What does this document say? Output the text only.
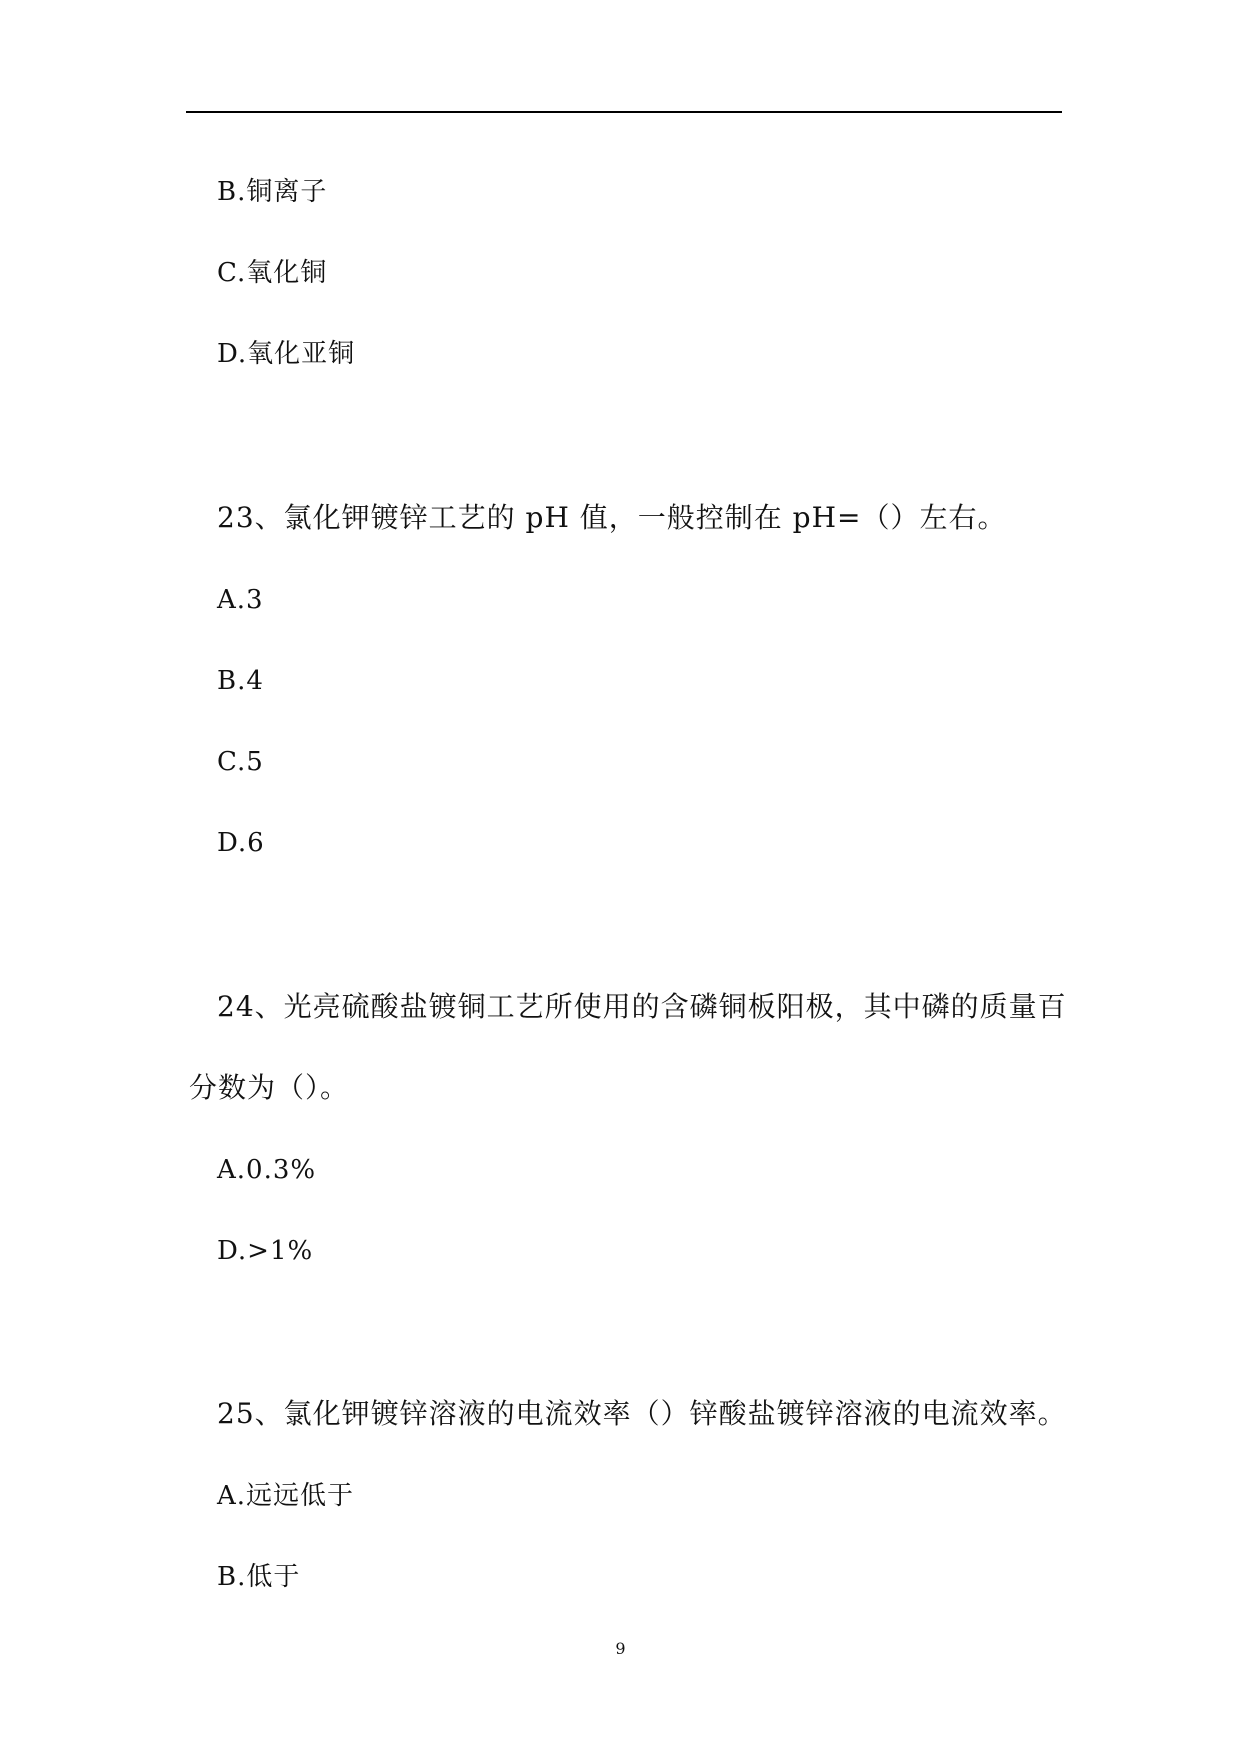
B.铜离子
C.氧化铜
D.氧化亚铜
23、氯化钾镀锌工艺的 pH 值，一般控制在 pH=（）左右。
A.3
B.4
C.5
D.6
24、光亮硫酸盐镀铜工艺所使用的含磷铜板阳极，其中磷的质量百
分数为（）。
A.0.3%
D.>1%
25、氯化钾镀锌溶液的电流效率（）锌酸盐镀锌溶液的电流效率。
A.远远低于
B.低于
9
